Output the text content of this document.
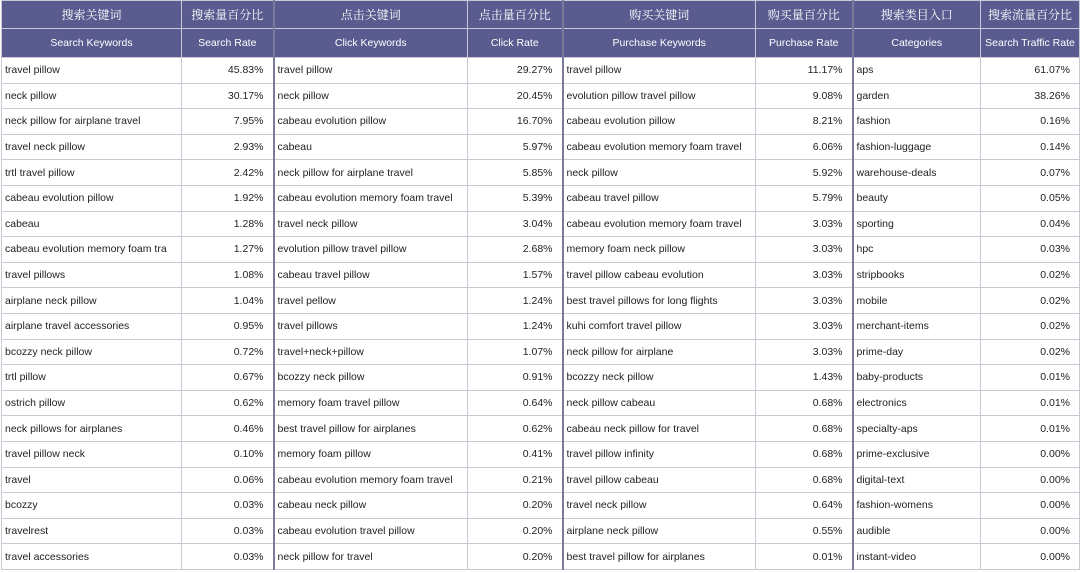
搜索关键词	搜索量百分比	点击关键词	点击量百分比	购买关键词	购买量百分比	搜索类目入口	搜索流量百分比
Search Keywords	Search Rate	Click Keywords	Click Rate	Purchase Keywords	Purchase Rate	Categories	Search Traffic Rate
travel pillow	45.83%	travel pillow	29.27%	travel pillow	11.17%	aps	61.07%
neck pillow	30.17%	neck pillow	20.45%	evolution pillow travel pillow	9.08%	garden	38.26%
neck pillow for airplane travel	7.95%	cabeau evolution pillow	16.70%	cabeau evolution pillow	8.21%	fashion	0.16%
travel neck pillow	2.93%	cabeau	5.97%	cabeau evolution memory foam travel	6.06%	fashion-luggage	0.14%
trtl travel pillow	2.42%	neck pillow for airplane travel	5.85%	neck pillow	5.92%	warehouse-deals	0.07%
cabeau evolution pillow	1.92%	cabeau evolution memory foam travel	5.39%	cabeau travel pillow	5.79%	beauty	0.05%
cabeau	1.28%	travel neck pillow	3.04%	cabeau evolution memory foam travel	3.03%	sporting	0.04%
cabeau evolution memory foam tra	1.27%	evolution pillow travel pillow	2.68%	memory foam neck pillow	3.03%	hpc	0.03%
travel pillows	1.08%	cabeau travel pillow	1.57%	travel pillow cabeau evolution	3.03%	stripbooks	0.02%
airplane neck pillow	1.04%	travel pellow	1.24%	best travel pillows for long flights	3.03%	mobile	0.02%
airplane travel accessories	0.95%	travel pillows	1.24%	kuhi comfort travel pillow	3.03%	merchant-items	0.02%
bcozzy neck pillow	0.72%	travel+neck+pillow	1.07%	neck pillow for airplane	3.03%	prime-day	0.02%
trtl pillow	0.67%	bcozzy neck pillow	0.91%	bcozzy neck pillow	1.43%	baby-products	0.01%
ostrich pillow	0.62%	memory foam travel pillow	0.64%	neck pillow cabeau	0.68%	electronics	0.01%
neck pillows for airplanes	0.46%	best travel pillow for airplanes	0.62%	cabeau neck pillow for travel	0.68%	specialty-aps	0.01%
travel pillow neck	0.10%	memory foam pillow	0.41%	travel pillow infinity	0.68%	prime-exclusive	0.00%
travel	0.06%	cabeau evolution memory foam travel	0.21%	travel pillow cabeau	0.68%	digital-text	0.00%
bcozzy	0.03%	cabeau neck pillow	0.20%	travel neck pillow	0.64%	fashion-womens	0.00%
travelrest	0.03%	cabeau evolution travel pillow	0.20%	airplane neck pillow	0.55%	audible	0.00%
travel accessories	0.03%	neck pillow for travel	0.20%	best travel pillow for airplanes	0.01%	instant-video	0.00%
